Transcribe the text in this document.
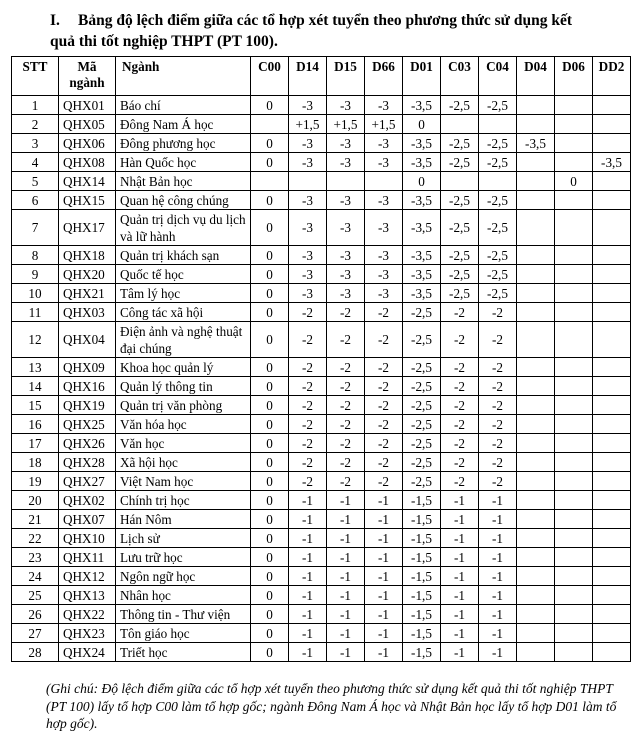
I. Bảng độ lệch điểm giữa các tổ hợp xét tuyển theo phương thức sử dụng kết
quả thi tốt nghiệp THPT (PT 100).
STT	Mã ngành	Ngành	C00	D14	D15	D66	D01	C03	C04	D04	D06	DD2
1	QHX01	Báo chí	0	-3	-3	-3	-3,5	-2,5	-2,5			
2	QHX05	Đông Nam Á học		+1,5	+1,5	+1,5	0					
3	QHX06	Đông phương học	0	-3	-3	-3	-3,5	-2,5	-2,5	-3,5		
4	QHX08	Hàn Quốc học	0	-3	-3	-3	-3,5	-2,5	-2,5			-3,5
5	QHX14	Nhật Bản học					0				0	
6	QHX15	Quan hệ công chúng	0	-3	-3	-3	-3,5	-2,5	-2,5			
7	QHX17	Quản trị dịch vụ du lịch và lữ hành	0	-3	-3	-3	-3,5	-2,5	-2,5			
8	QHX18	Quản trị khách sạn	0	-3	-3	-3	-3,5	-2,5	-2,5			
9	QHX20	Quốc tế học	0	-3	-3	-3	-3,5	-2,5	-2,5			
10	QHX21	Tâm lý học	0	-3	-3	-3	-3,5	-2,5	-2,5			
11	QHX03	Công tác xã hội	0	-2	-2	-2	-2,5	-2	-2			
12	QHX04	Điện ảnh và nghệ thuật đại chúng	0	-2	-2	-2	-2,5	-2	-2			
13	QHX09	Khoa học quản lý	0	-2	-2	-2	-2,5	-2	-2			
14	QHX16	Quản lý thông tin	0	-2	-2	-2	-2,5	-2	-2			
15	QHX19	Quản trị văn phòng	0	-2	-2	-2	-2,5	-2	-2			
16	QHX25	Văn hóa học	0	-2	-2	-2	-2,5	-2	-2			
17	QHX26	Văn học	0	-2	-2	-2	-2,5	-2	-2			
18	QHX28	Xã hội học	0	-2	-2	-2	-2,5	-2	-2			
19	QHX27	Việt Nam học	0	-2	-2	-2	-2,5	-2	-2			
20	QHX02	Chính trị học	0	-1	-1	-1	-1,5	-1	-1			
21	QHX07	Hán Nôm	0	-1	-1	-1	-1,5	-1	-1			
22	QHX10	Lịch sử	0	-1	-1	-1	-1,5	-1	-1			
23	QHX11	Lưu trữ học	0	-1	-1	-1	-1,5	-1	-1			
24	QHX12	Ngôn ngữ học	0	-1	-1	-1	-1,5	-1	-1			
25	QHX13	Nhân học	0	-1	-1	-1	-1,5	-1	-1			
26	QHX22	Thông tin - Thư viện	0	-1	-1	-1	-1,5	-1	-1			
27	QHX23	Tôn giáo học	0	-1	-1	-1	-1,5	-1	-1			
28	QHX24	Triết học	0	-1	-1	-1	-1,5	-1	-1			
(Ghi chú: Độ lệch điểm giữa các tổ hợp xét tuyển theo phương thức sử dụng kết quả thi tốt nghiệp THPT (PT 100) lấy tổ hợp C00 làm tổ hợp gốc; ngành Đông Nam Á học và Nhật Bản học lấy tổ hợp D01 làm tổ hợp gốc).
